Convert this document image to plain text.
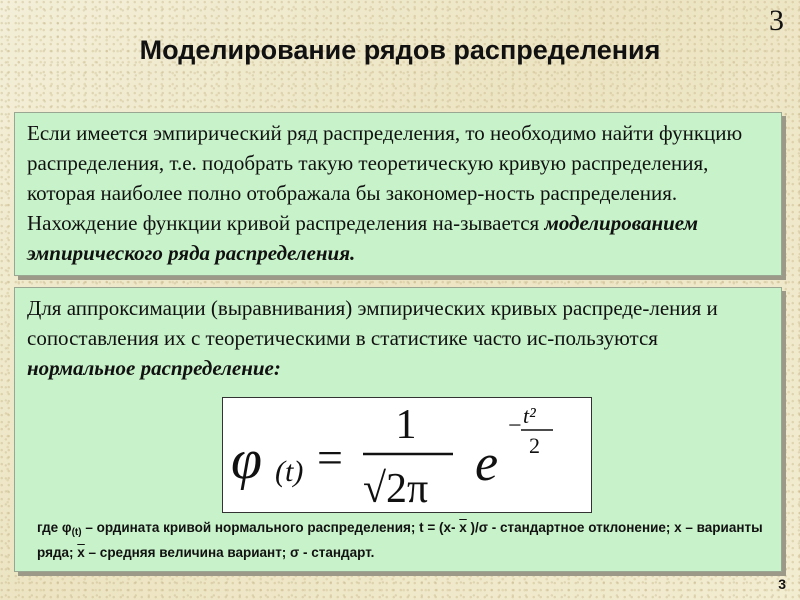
3
Моделирование рядов распределения
Если имеется эмпирический ряд распределения, то необходимо найти функцию распределения, т.е. подобрать такую теоретическую кривую распределения, которая наиболее полно отображала бы закономер-ность распределения. Нахождение функции кривой распределения на-зывается моделированием эмпирического ряда распределения.
Для аппроксимации (выравнивания) эмпирических кривых распреде-ления и сопоставления их с теоретическими в статистике часто ис-пользуются нормальное распределение:
φ (t) =
1
√2π e
− t²
2
где $\varphi_{(t)}$ – ордината кривой нормального распределения; t = (x- $\overline{x}$ )/σ - стандартное отклонение; x – варианты ряда; $\overline{x}$ – средняя величина вариант; σ - стандарт.
3
